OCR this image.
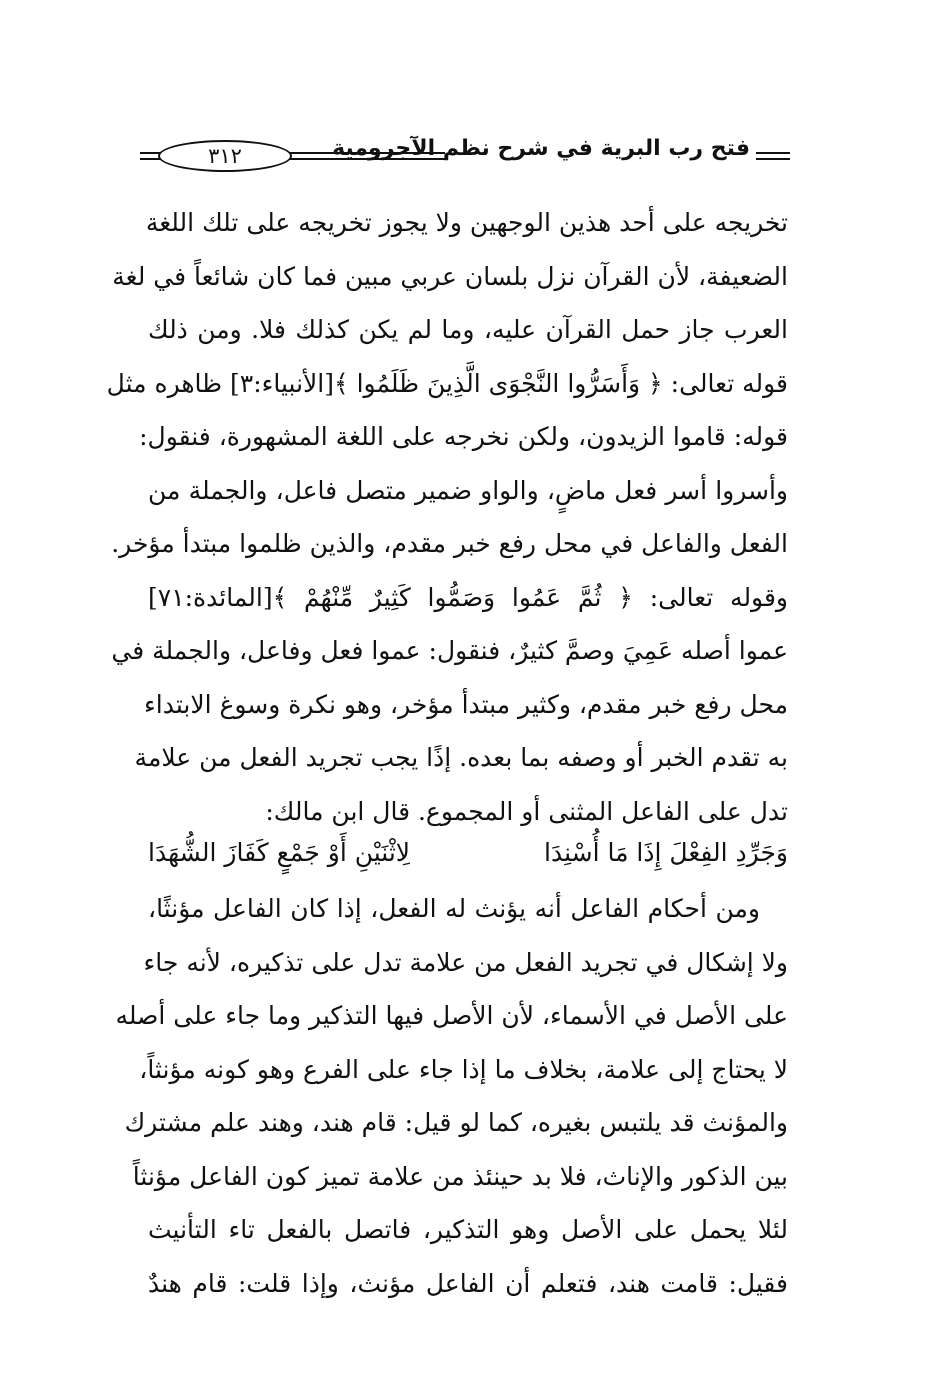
فتح رب البرية في شرح نظم الآجرومية
٣١٢
تخريجه على أحد هذين الوجهين ولا يجوز تخريجه على تلك اللغة
الضعيفة، لأن القرآن نزل بلسان عربي مبين فما كان شائعاً في لغة
العرب جاز حمل القرآن عليه، وما لم يكن كذلك فلا. ومن ذلك
قوله تعالى: ﴿ وَأَسَرُّوا النَّجْوَى الَّذِينَ ظَلَمُوا ﴾[الأنبياء:٣] ظاهره مثل
قوله: قاموا الزيدون، ولكن نخرجه على اللغة المشهورة، فنقول:
وأسروا أسر فعل ماضٍ، والواو ضمير متصل فاعل، والجملة من
الفعل والفاعل في محل رفع خبر مقدم، والذين ظلموا مبتدأ مؤخر.
وقوله تعالى: ﴿ ثُمَّ عَمُوا وَصَمُّوا كَثِيرٌ مِّنْهُمْ ﴾[المائدة:٧١]
عموا أصله عَمِيَ وصمَّ كثيرٌ، فنقول: عموا فعل وفاعل، والجملة في
محل رفع خبر مقدم، وكثير مبتدأ مؤخر، وهو نكرة وسوغ الابتداء
به تقدم الخبر أو وصفه بما بعده. إذًا يجب تجريد الفعل من علامة
تدل على الفاعل المثنى أو المجموع. قال ابن مالك:
وَجَرِّدِ الفِعْلَ إِذَا مَا أُسْنِدَا
لِاثْنَيْنِ أَوْ جَمْعٍ كَفَازَ الشُّهَدَا
ومن أحكام الفاعل أنه يؤنث له الفعل، إذا كان الفاعل مؤنثًا،
ولا إشكال في تجريد الفعل من علامة تدل على تذكيره، لأنه جاء
على الأصل في الأسماء، لأن الأصل فيها التذكير وما جاء على أصله
لا يحتاج إلى علامة، بخلاف ما إذا جاء على الفرع وهو كونه مؤنثاً،
والمؤنث قد يلتبس بغيره، كما لو قيل: قام هند، وهند علم مشترك
بين الذكور والإناث، فلا بد حينئذ من علامة تميز كون الفاعل مؤنثاً
لئلا يحمل على الأصل وهو التذكير، فاتصل بالفعل تاء التأنيث
فقيل: قامت هند، فتعلم أن الفاعل مؤنث، وإذا قلت: قام هندٌ
